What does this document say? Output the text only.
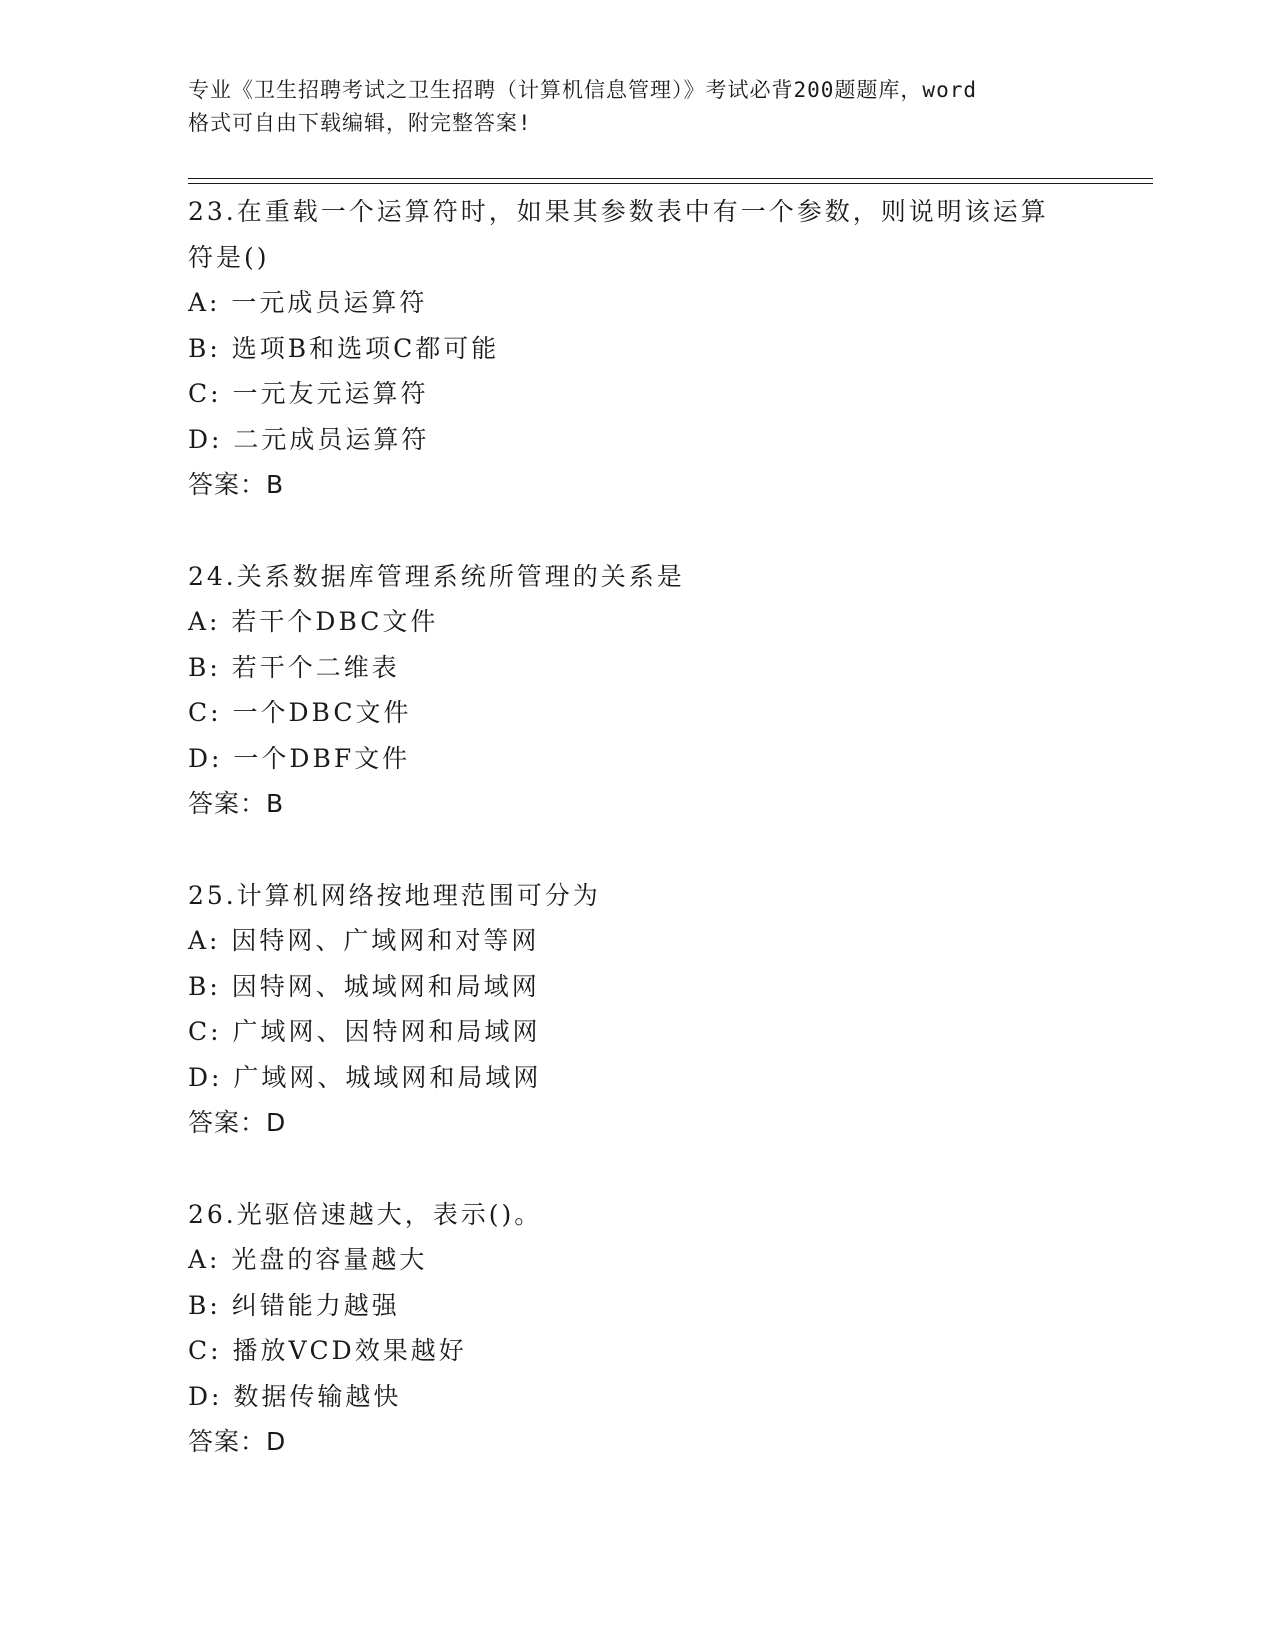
专业《卫生招聘考试之卫生招聘（计算机信息管理）》考试必背200题题库，word
格式可自由下载编辑，附完整答案!

23.在重载一个运算符时，如果其参数表中有一个参数，则说明该运算
符是()

A: 一元成员运算符

B: 选项B和选项C都可能

C: 一元友元运算符

D: 二元成员运算符

答案：B

24.关系数据库管理系统所管理的关系是

A: 若干个DBC文件

B: 若干个二维表

C: 一个DBC文件

D: 一个DBF文件

答案：B

25.计算机网络按地理范围可分为

A: 因特网、广域网和对等网

B: 因特网、城域网和局域网

C: 广域网、因特网和局域网

D: 广域网、城域网和局域网

答案：D

26.光驱倍速越大，表示()。

A: 光盘的容量越大

B: 纠错能力越强

C: 播放VCD效果越好

D: 数据传输越快

答案：D
